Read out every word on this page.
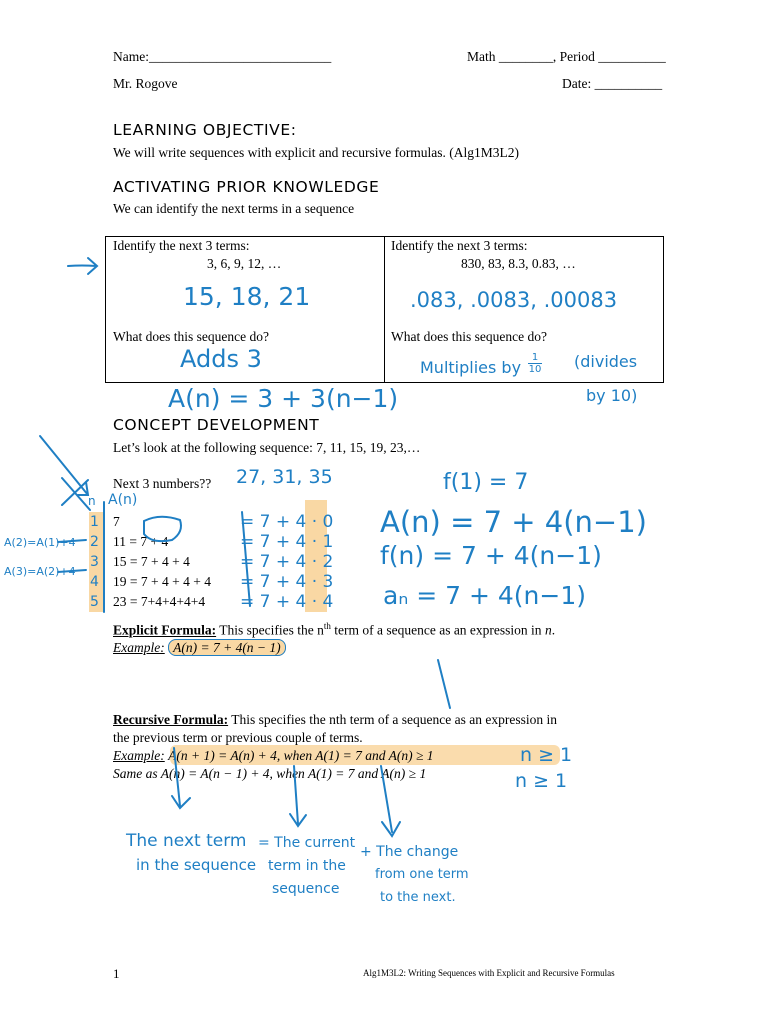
Name:___________________________	Math ________, Period __________
Mr. Rogove	Date: __________
LEARNING OBJECTIVE:
We will write sequences with explicit and recursive formulas. (Alg1M3L2)
ACTIVATING PRIOR KNOWLEDGE
We can identify the next terms in a sequence
Identify the next 3 terms:
3, 6, 9, 12, …
15, 18, 21
What does this sequence do?
Adds 3
Identify the next 3 terms:
830, 83, 8.3, 0.83, …
.083, .0083, .00083
What does this sequence do?
Multiplies by $\frac{1}{10}$ (divides
by 10)
A(n) = 3 + 3(n−1)
CONCEPT DEVELOPMENT
Let’s look at the following sequence: 7, 11, 15, 19, 23,…
Next 3 numbers?? 27, 31, 35
n A(n)
1 7	= 7 + 4 · 0
2 11 = 7 + 4	= 7 + 4 · 1
3 15 = 7 + 4 + 4	= 7 + 4 · 2
4 19 = 7 + 4 + 4 + 4 = 7 + 4 · 3
5 23 = 7+4+4+4+4 = 7 + 4 · 4
A(2)=A(1)+4
A(3)=A(2)+4
f(1) = 7
A(n) = 7 + 4(n−1)
f(n) = 7 + 4(n−1)
aₙ = 7 + 4(n−1)
Explicit Formula: This specifies the $n^{th}$ term of a sequence as an expression in n.
Example: A(n) = 7 + 4(n − 1)
Recursive Formula: This specifies the nth term of a sequence as an expression in
the previous term or previous couple of terms.
Example: A(n + 1) = A(n) + 4, when A(1) = 7 and A(n) ≥ 1
Same as A(n) = A(n − 1) + 4, when A(1) = 7 and A(n) ≥ 1
n ≥ 1
n ≥ 1
The next term
in the sequence
= The current
term in the
sequence
+ The change
from one term
to the next.
1	Alg1M3L2: Writing Sequences with Explicit and Recursive Formulas
